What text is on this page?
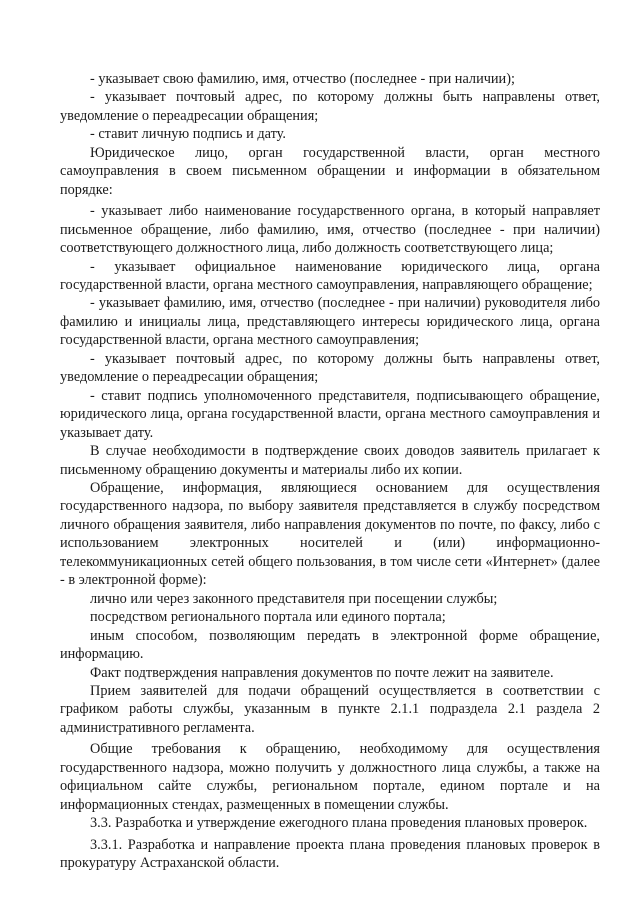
- указывает свою фамилию, имя, отчество (последнее - при наличии);

- указывает почтовый адрес, по которому должны быть направлены ответ, уведомление о переадресации обращения;

- ставит личную подпись и дату.

Юридическое лицо, орган государственной власти, орган местного самоуправления в своем письменном обращении и информации в обязательном порядке:

- указывает либо наименование государственного органа, в который направляет письменное обращение, либо фамилию, имя, отчество (последнее - при наличии) соответствующего должностного лица, либо должность соответствующего лица;

- указывает официальное наименование юридического лица, органа государственной власти, органа местного самоуправления, направляющего обращение;

- указывает фамилию, имя, отчество (последнее - при наличии) руководителя либо фамилию и инициалы лица, представляющего интересы юридического лица, органа государственной власти, органа местного самоуправления;

- указывает почтовый адрес, по которому должны быть направлены ответ, уведомление о переадресации обращения;

- ставит подпись уполномоченного представителя, подписывающего обращение, юридического лица, органа государственной власти, органа местного самоуправления и указывает дату.

В случае необходимости в подтверждение своих доводов заявитель прилагает к письменному обращению документы и материалы либо их копии.

Обращение, информация, являющиеся основанием для осуществления государственного надзора, по выбору заявителя представляется в службу посредством личного обращения заявителя, либо направления документов по почте, по факсу, либо с использованием электронных носителей и (или) информационно-телекоммуникационных сетей общего пользования, в том числе сети «Интернет» (далее - в электронной форме):

лично или через законного представителя при посещении службы;

посредством регионального портала или единого портала;

иным способом, позволяющим передать в электронной форме обращение, информацию.

Факт подтверждения направления документов по почте лежит на заявителе.

Прием заявителей для подачи обращений осуществляется в соответствии с графиком работы службы, указанным в пункте 2.1.1 подраздела 2.1 раздела 2 административного регламента.

Общие требования к обращению, необходимому для осуществления государственного надзора, можно получить у должностного лица службы, а также на официальном сайте службы, региональном портале, едином портале и на информационных стендах, размещенных в помещении службы.

3.3. Разработка и утверждение ежегодного плана проведения плановых проверок.

3.3.1. Разработка и направление проекта плана проведения плановых проверок в прокуратуру Астраханской области.
